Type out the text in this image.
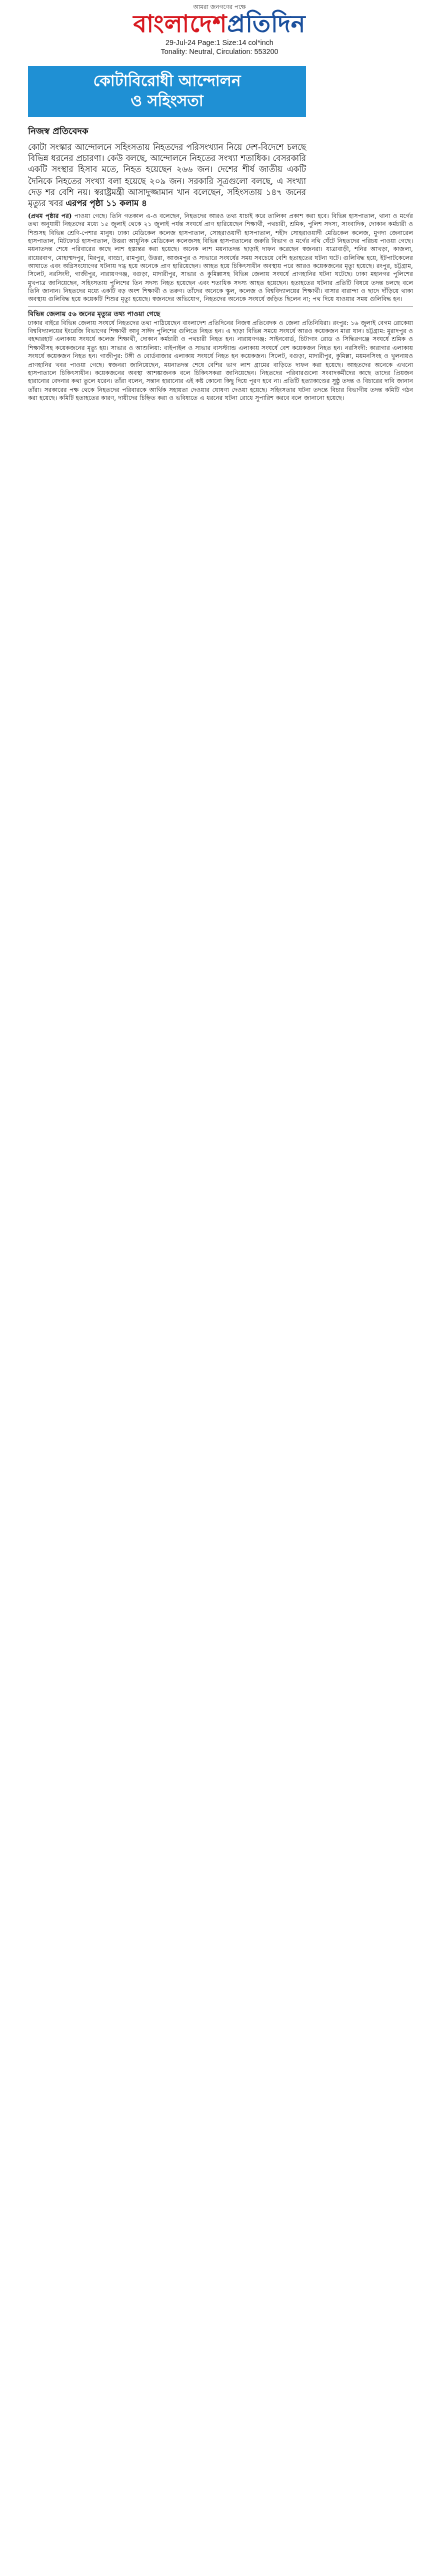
আমরা জনগণের পক্ষে
বাংলাদেশপ্রতিদিন
29-Jul-24 Page:1 Size:14 col*inch
Tonality: Neutral, Circulation: 553200
কোটাবিরোধী আন্দোলন
ও সহিংসতা
নিজস্ব প্রতিবেদক

কোটা সংস্কার আন্দোলনে সহিংসতায় নিহতদের পরিসংখ্যান নিয়ে দেশ-বিদেশে চলছে বিভিন্ন ধরনের প্রচারণা। কেউ বলছে, আন্দোলনে নিহতের সংখ্যা শতাধিক। বেসরকারি একটি সংস্থার হিসাব মতে, নিহত হয়েছেন ২৬৬ জন। দেশের শীর্ষ জাতীয় একটি দৈনিকে নিহতের সংখ্যা বলা হয়েছে ২০৯ জন। সরকারি সূত্রগুলো বলছে, এ সংখ্যা দেড় শর বেশি নয়। স্বরাষ্ট্রমন্ত্রী আসাদুজ্জামান খান বলেছেন, সহিংসতায় ১৪৭ জনের মৃত্যুর খবর এরপর পৃষ্ঠা ১১ কলাম ৪

(প্রথম পৃষ্ঠার পর) পাওয়া গেছে। তিনি গতকাল এ-ও বলেছেন, নিহতদের আরও তথ্য যাচাই করে তালিকা প্রকাশ করা হবে। বিভিন্ন হাসপাতাল, থানা ও মর্গের তথ্য অনুযায়ী নিহতদের মধ্যে ১৫ জুলাই থেকে ২১ জুলাই পর্যন্ত সংঘর্ষে প্রাণ হারিয়েছেন শিক্ষার্থী, পথচারী, শ্রমিক, পুলিশ সদস্য, সাংবাদিক, দোকান কর্মচারী ও শিশুসহ বিভিন্ন শ্রেণি-পেশার মানুষ। ঢাকা মেডিকেল কলেজ হাসপাতাল, সোহরাওয়ার্দী হাসপাতাল, শহীদ সোহরাওয়ার্দী মেডিকেল কলেজ, মুগদা জেনারেল হাসপাতাল, মিটফোর্ড হাসপাতাল, উত্তরা আধুনিক মেডিকেল কলেজসহ বিভিন্ন হাসপাতালের জরুরি বিভাগ ও মর্গের নথি ঘেঁটে নিহতদের পরিচয় পাওয়া গেছে। ময়নাতদন্ত শেষে পরিবারের কাছে লাশ হস্তান্তর করা হয়েছে। অনেক লাশ ময়নাতদন্ত ছাড়াই দাফন করেছেন স্বজনরা। যাত্রাবাড়ী, শনির আখড়া, কাজলা, রায়েরবাগ, মোহাম্মদপুর, মিরপুর, বাড্ডা, রামপুরা, উত্তরা, আজমপুর ও সাভারে সংঘর্ষের সময় সবচেয়ে বেশি হতাহতের ঘটনা ঘটে। গুলিবিদ্ধ হয়ে, ইটপাটকেলের আঘাতে এবং অগ্নিসংযোগের ঘটনায় দগ্ধ হয়ে অনেকে প্রাণ হারিয়েছেন। আহত হয়ে চিকিৎসাধীন অবস্থায় পরে আরও কয়েকজনের মৃত্যু হয়েছে। রংপুর, চট্টগ্রাম, সিলেট, নরসিংদী, গাজীপুর, নারায়ণগঞ্জ, বগুড়া, মাদারীপুর, সাভার ও কুমিল্লাসহ বিভিন্ন জেলায় সংঘর্ষে প্রাণহানির ঘটনা ঘটেছে। ঢাকা মহানগর পুলিশের মুখপাত্র জানিয়েছেন, সহিংসতায় পুলিশের তিন সদস্য নিহত হয়েছেন এবং শতাধিক সদস্য আহত হয়েছেন। হতাহতের ঘটনার প্রতিটি বিষয়ে তদন্ত চলছে বলে তিনি জানান। নিহতদের মধ্যে একটি বড় অংশ শিক্ষার্থী ও তরুণ। তাঁদের অনেকে স্কুল, কলেজ ও বিশ্ববিদ্যালয়ের শিক্ষার্থী। বাসার বারান্দা ও ছাদে দাঁড়িয়ে থাকা অবস্থায় গুলিবিদ্ধ হয়ে কয়েকটি শিশুর মৃত্যু হয়েছে। স্বজনদের অভিযোগ, নিহতদের অনেকে সংঘর্ষে জড়িত ছিলেন না; পথ দিয়ে যাওয়ার সময় গুলিবিদ্ধ হন।

বিভিন্ন জেলায় ৫৬ জনের মৃত্যুর তথ্য পাওয়া গেছে

ঢাকার বাইরে বিভিন্ন জেলায় সংঘর্ষে নিহতদের তথ্য পাঠিয়েছেন বাংলাদেশ প্রতিদিনের নিজস্ব প্রতিবেদক ও জেলা প্রতিনিধিরা। রংপুর: ১৬ জুলাই বেগম রোকেয়া বিশ্ববিদ্যালয়ের ইংরেজি বিভাগের শিক্ষার্থী আবু সাঈদ পুলিশের গুলিতে নিহত হন। এ ছাড়া বিভিন্ন সময়ে সংঘর্ষে আরও কয়েকজন মারা যান। চট্টগ্রাম: মুরাদপুর ও বহদ্দারহাট এলাকায় সংঘর্ষে কলেজ শিক্ষার্থী, দোকান কর্মচারী ও পথচারী নিহত হন। নারায়ণগঞ্জ: সাইনবোর্ড, চিটাগাং রোড ও সিদ্ধিরগঞ্জে সংঘর্ষে শ্রমিক ও শিক্ষার্থীসহ কয়েকজনের মৃত্যু হয়। সাভার ও আশুলিয়া: বাইপাইল ও সাভার বাসস্ট্যান্ড এলাকায় সংঘর্ষে বেশ কয়েকজন নিহত হন। নরসিংদী: কারাগার এলাকায় সংঘর্ষে কয়েকজন নিহত হন। গাজীপুর: টঙ্গী ও বোর্ডবাজার এলাকায় সংঘর্ষে নিহত হন কয়েকজন। সিলেট, বগুড়া, মাদারীপুর, কুমিল্লা, ময়মনসিংহ ও খুলনায়ও প্রাণহানির খবর পাওয়া গেছে। স্বজনরা জানিয়েছেন, ময়নাতদন্ত শেষে বেশির ভাগ লাশ গ্রামের বাড়িতে দাফন করা হয়েছে। আহতদের অনেকে এখনো হাসপাতালে চিকিৎসাধীন। কয়েকজনের অবস্থা আশঙ্কাজনক বলে চিকিৎসকরা জানিয়েছেন। নিহতদের পরিবারগুলো সংবাদকর্মীদের কাছে তাদের প্রিয়জন হারানোর বেদনার কথা তুলে ধরেন। তাঁরা বলেন, সন্তান হারানোর এই কষ্ট কোনো কিছু দিয়ে পূরণ হবে না। প্রতিটি হত্যাকাণ্ডের সুষ্ঠু তদন্ত ও বিচারের দাবি জানান তাঁরা। সরকারের পক্ষ থেকে নিহতদের পরিবারকে আর্থিক সহায়তা দেওয়ার ঘোষণা দেওয়া হয়েছে। সহিংসতার ঘটনা তদন্তে বিচার বিভাগীয় তদন্ত কমিটি গঠন করা হয়েছে। কমিটি হতাহতের কারণ, দায়ীদের চিহ্নিত করা ও ভবিষ্যতে এ ধরনের ঘটনা রোধে সুপারিশ করবে বলে জানানো হয়েছে।
